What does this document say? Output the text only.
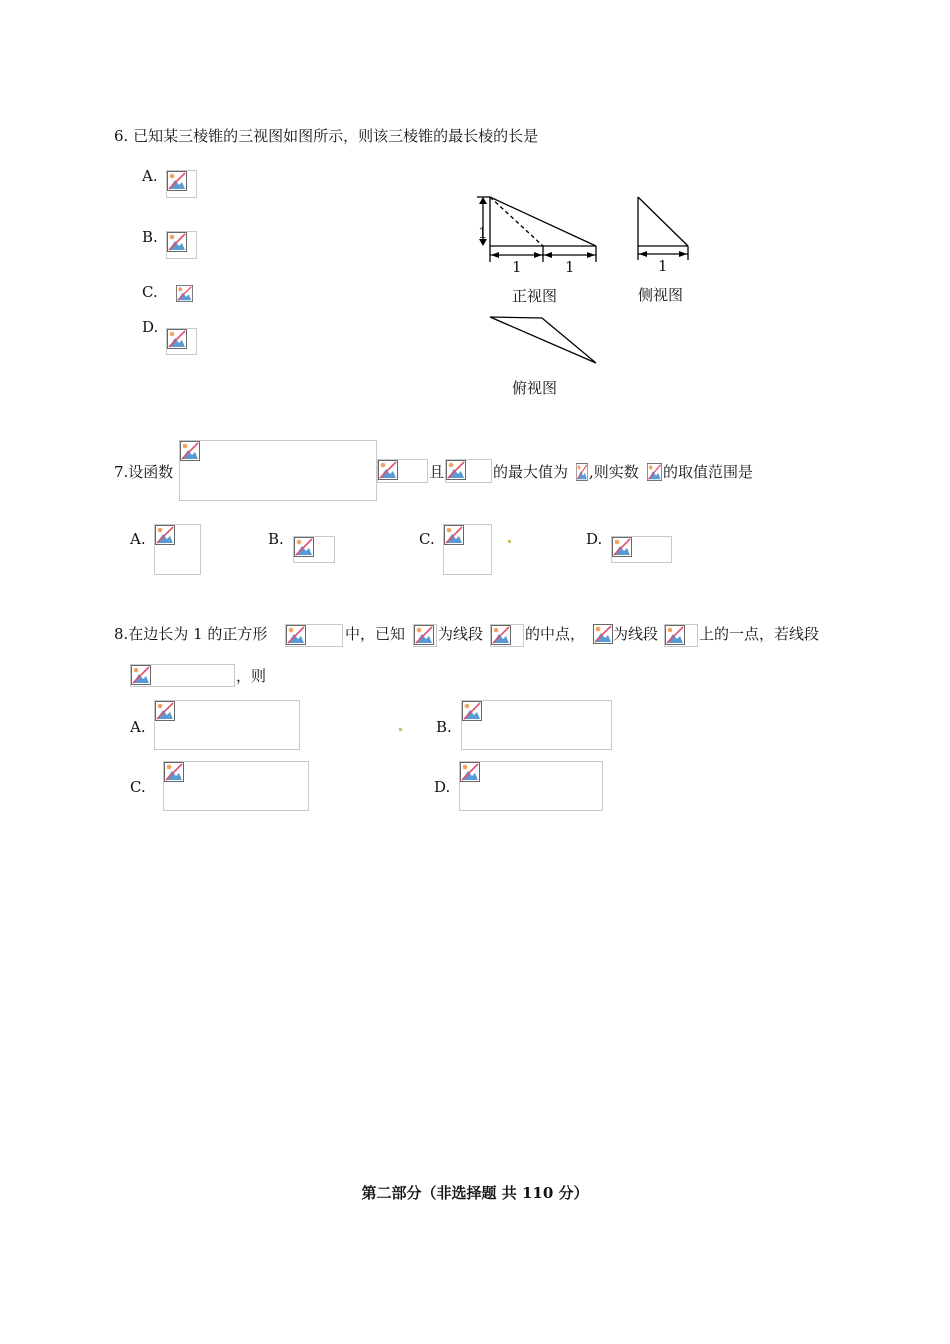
6. 已知某三棱锥的三视图如图所示，则该三棱锥的最长棱的长是
A.
B.
C.
D.
1
1	1	1
正视图	侧视图
俯视图
7.设函数	且	的最大值为 ,则实数 的取值范围是
A.	B.	C.	D.
8.在边长为 1 的正方形	中，已知 为线段	的中点， 为线段	上的一点，若线段
，则
A.	B.
C.	D.
第二部分（非选择题 共 110 分）
